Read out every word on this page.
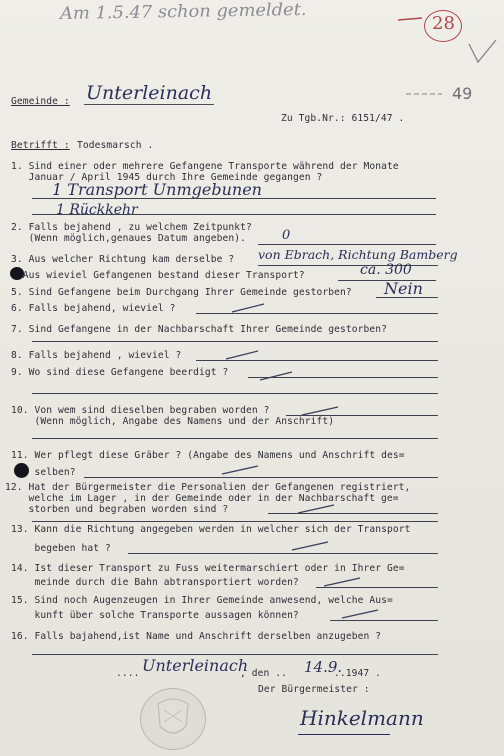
Am 1.5.47 schon gemeldet.	28
Gemeinde : Unterleinach	49
Zu Tgb.Nr.: 6151/47 .
Betrifft : Todesmarsch .
1. Sind einer oder mehrere Gefangene Transporte während der Monate
Januar / April 1945 durch Ihre Gemeinde gegangen ?
1 Transport Unmgebunen
1 Rückkehr
2. Falls bejahend , zu welchem Zeitpunkt?
(Wenn möglich,genaues Datum angeben).	0
3. Aus welcher Richtung kam derselbe ? von Ebrach, Richtung Bamberg
Aus wieviel Gefangenen bestand dieser Transport?	ca. 300
5. Sind Gefangene beim Durchgang Ihrer Gemeinde gestorben? Nein
6. Falls bejahend, wieviel ?
7. Sind Gefangene in der Nachbarschaft Ihrer Gemeinde gestorben?
8. Falls bejahend , wieviel ?
9. Wo sind diese Gefangene beerdigt ?
10. Von wem sind dieselben begraben worden ?
(Wenn möglich, Angabe des Namens und der Anschrift)
11. Wer pflegt diese Gräber ? (Angabe des Namens und Anschrift des=
selben?
12. Hat der Bürgermeister die Personalien der Gefangenen registriert,
welche im Lager , in der Gemeinde oder in der Nachbarschaft ge=
storben und begraben worden sind ?
13. Kann die Richtung angegeben werden in welcher sich der Transport
begeben hat ?
14. Ist dieser Transport zu Fuss weitermarschiert oder in Ihrer Ge=
meinde durch die Bahn abtransportiert worden?
15. Sind noch Augenzeugen in Ihrer Gemeinde anwesend, welche Aus=
kunft über solche Transporte aussagen können?
16. Falls bajahend,ist Name und Anschrift derselben anzugeben ?
.... Unterleinach
, den .. 14.9.
..1947 .
Der Bürgermeister :
Hinkelmann
